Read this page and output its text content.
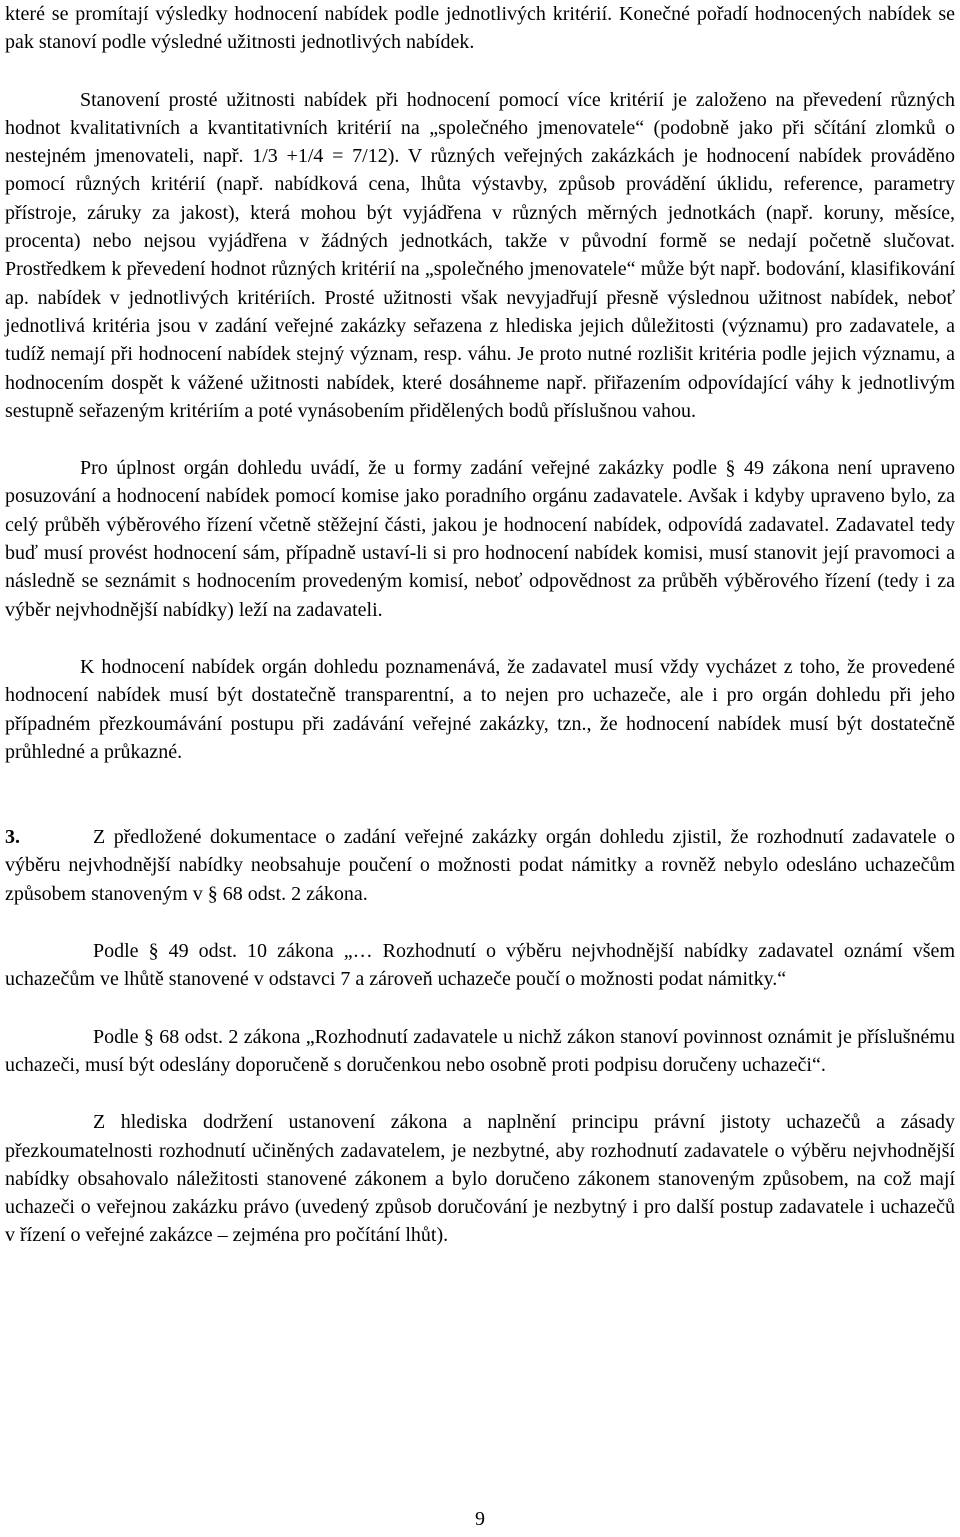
které se promítají výsledky hodnocení nabídek podle jednotlivých kritérií. Konečné pořadí hodnocených nabídek se pak stanoví podle výsledné užitnosti jednotlivých nabídek.

Stanovení prosté užitnosti nabídek při hodnocení pomocí více kritérií je založeno na převedení různých hodnot kvalitativních a kvantitativních kritérií na „společného jmenovatele“ (podobně jako při sčítání zlomků o nestejném jmenovateli, např. 1/3 +1/4 = 7/12). V různých veřejných zakázkách je hodnocení nabídek prováděno pomocí různých kritérií (např. nabídková cena, lhůta výstavby, způsob provádění úklidu, reference, parametry přístroje, záruky za jakost), která mohou být vyjádřena v různých měrných jednotkách (např. koruny, měsíce, procenta) nebo nejsou vyjádřena v žádných jednotkách, takže v původní formě se nedají početně slučovat. Prostředkem k převedení hodnot různých kritérií na „společného jmenovatele“ může být např. bodování, klasifikování ap. nabídek v jednotlivých kritériích. Prosté užitnosti však nevyjadřují přesně výslednou užitnost nabídek, neboť jednotlivá kritéria jsou v zadání veřejné zakázky seřazena z hlediska jejich důležitosti (významu) pro zadavatele, a tudíž nemají při hodnocení nabídek stejný význam, resp. váhu. Je proto nutné rozlišit kritéria podle jejich významu, a hodnocením dospět k vážené užitnosti nabídek, které dosáhneme např. přiřazením odpovídající váhy k jednotlivým sestupně seřazeným kritériím a poté vynásobením přidělených bodů příslušnou vahou.

Pro úplnost orgán dohledu uvádí, že u formy zadání veřejné zakázky podle § 49 zákona není upraveno posuzování a hodnocení nabídek pomocí komise jako poradního orgánu zadavatele. Avšak i kdyby upraveno bylo, za celý průběh výběrového řízení včetně stěžejní části, jakou je hodnocení nabídek, odpovídá zadavatel. Zadavatel tedy buď musí provést hodnocení sám, případně ustaví-li si pro hodnocení nabídek komisi, musí stanovit její pravomoci a následně se seznámit s hodnocením provedeným komisí, neboť odpovědnost za průběh výběrového řízení (tedy i za výběr nejvhodnější nabídky) leží na zadavateli.

K hodnocení nabídek orgán dohledu poznamenává, že zadavatel musí vždy vycházet z toho, že provedené hodnocení nabídek musí být dostatečně transparentní, a to nejen pro uchazeče, ale i pro orgán dohledu při jeho případném přezkoumávání postupu při zadávání veřejné zakázky, tzn., že hodnocení nabídek musí být dostatečně průhledné a průkazné.

3.	Z předložené dokumentace o zadání veřejné zakázky orgán dohledu zjistil, že rozhodnutí zadavatele o výběru nejvhodnější nabídky neobsahuje poučení o možnosti podat námitky a rovněž nebylo odesláno uchazečům způsobem stanoveným v § 68 odst. 2 zákona.

Podle § 49 odst. 10 zákona „… Rozhodnutí o výběru nejvhodnější nabídky zadavatel oznámí všem uchazečům ve lhůtě stanovené v odstavci 7 a zároveň uchazeče poučí o možnosti podat námitky.“

Podle § 68 odst. 2 zákona „Rozhodnutí zadavatele u nichž zákon stanoví povinnost oznámit je příslušnému uchazeči, musí být odeslány doporučeně s doručenkou nebo osobně proti podpisu doručeny uchazeči“.

Z hlediska dodržení ustanovení zákona a naplnění principu právní jistoty uchazečů a zásady přezkoumatelnosti rozhodnutí učiněných zadavatelem, je nezbytné, aby rozhodnutí zadavatele o výběru nejvhodnější nabídky obsahovalo náležitosti stanovené zákonem a bylo doručeno zákonem stanoveným způsobem, na což mají uchazeči o veřejnou zakázku právo (uvedený způsob doručování je nezbytný i pro další postup zadavatele i uchazečů v řízení o veřejné zakázce – zejména pro počítání lhůt).

9
